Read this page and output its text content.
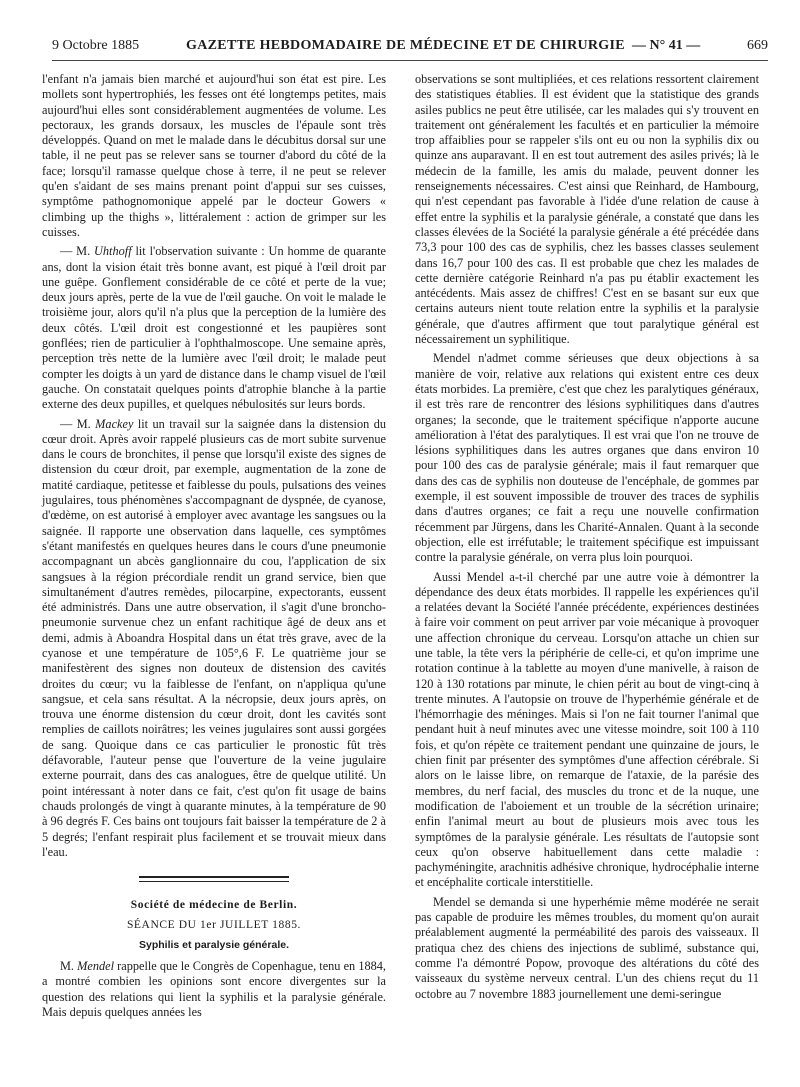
9 Octobre 1885	GAZETTE HEBDOMADAIRE DE MÉDECINE ET DE CHIRURGIE — N° 41 —	669

l'enfant n'a jamais bien marché et aujourd'hui son état est pire. Les mollets sont hypertrophiés, les fesses ont été longtemps petites, mais aujourd'hui elles sont considérablement augmentées de volume. Les pectoraux, les grands dorsaux, les muscles de l'épaule sont très développés. Quand on met le malade dans le décubitus dorsal sur une table, il ne peut pas se relever sans se tourner d'abord du côté de la face; lorsqu'il ramasse quelque chose à terre, il ne peut se relever qu'en s'aidant de ses mains prenant point d'appui sur ses cuisses, symptôme pathognomonique appelé par le docteur Gowers « climbing up the thighs », littéralement : action de grimper sur les cuisses.

— M. Uhthoff lit l'observation suivante : Un homme de quarante ans, dont la vision était très bonne avant, est piqué à l'œil droit par une guêpe. Gonflement considérable de ce côté et perte de la vue; deux jours après, perte de la vue de l'œil gauche. On voit le malade le troisième jour, alors qu'il n'a plus que la perception de la lumière des deux côtés. L'œil droit est congestionné et les paupières sont gonflées; rien de particulier à l'ophthalmoscope. Une semaine après, perception très nette de la lumière avec l'œil droit; le malade peut compter les doigts à un yard de distance dans le champ visuel de l'œil gauche. On constatait quelques points d'atrophie blanche à la partie externe des deux pupilles, et quelques nébulosités sur leurs bords.

— M. Mackey lit un travail sur la saignée dans la distension du cœur droit. Après avoir rappelé plusieurs cas de mort subite survenue dans le cours de bronchites, il pense que lorsqu'il existe des signes de distension du cœur droit, par exemple, augmentation de la zone de matité cardiaque, petitesse et faiblesse du pouls, pulsations des veines jugulaires, tous phénomènes s'accompagnant de dyspnée, de cyanose, d'œdème, on est autorisé à employer avec avantage les sangsues ou la saignée. Il rapporte une observation dans laquelle, ces symptômes s'étant manifestés en quelques heures dans le cours d'une pneumonie accompagnant un abcès ganglionnaire du cou, l'application de six sangsues à la région précordiale rendit un grand service, bien que simultanément d'autres remèdes, pilocarpine, expectorants, eussent été administrés. Dans une autre observation, il s'agit d'une broncho-pneumonie survenue chez un enfant rachitique âgé de deux ans et demi, admis à Aboandra Hospital dans un état très grave, avec de la cyanose et une température de 105°,6 F. Le quatrième jour se manifestèrent des signes non douteux de distension des cavités droites du cœur; vu la faiblesse de l'enfant, on n'appliqua qu'une sangsue, et cela sans résultat. A la nécropsie, deux jours après, on trouva une énorme distension du cœur droit, dont les cavités sont remplies de caillots noirâtres; les veines jugulaires sont aussi gorgées de sang. Quoique dans ce cas particulier le pronostic fût très défavorable, l'auteur pense que l'ouverture de la veine jugulaire externe pourrait, dans des cas analogues, être de quelque utilité. Un point intéressant à noter dans ce fait, c'est qu'on fit usage de bains chauds prolongés de vingt à quarante minutes, à la température de 90 à 96 degrés F. Ces bains ont toujours fait baisser la température de 2 à 5 degrés; l'enfant respirait plus facilement et se trouvait mieux dans l'eau.

Société de médecine de Berlin.
SÉANCE DU 1er JUILLET 1885.
Syphilis et paralysie générale.

M. Mendel rappelle que le Congrès de Copenhague, tenu en 1884, a montré combien les opinions sont encore divergentes sur la question des relations qui lient la syphilis et la paralysie générale. Mais depuis quelques années les

observations se sont multipliées, et ces relations ressortent clairement des statistiques établies. Il est évident que la statistique des grands asiles publics ne peut être utilisée, car les malades qui s'y trouvent en traitement ont généralement les facultés et en particulier la mémoire trop affaiblies pour se rappeler s'ils ont eu ou non la syphilis dix ou quinze ans auparavant. Il en est tout autrement des asiles privés; là le médecin de la famille, les amis du malade, peuvent donner les renseignements nécessaires. C'est ainsi que Reinhard, de Hambourg, qui n'est cependant pas favorable à l'idée d'une relation de cause à effet entre la syphilis et la paralysie générale, a constaté que dans les classes élevées de la Société la paralysie générale a été précédée dans 73,3 pour 100 des cas de syphilis, chez les basses classes seulement dans 16,7 pour 100 des cas. Il est probable que chez les malades de cette dernière catégorie Reinhard n'a pas pu établir exactement les antécédents. Mais assez de chiffres! C'est en se basant sur eux que certains auteurs nient toute relation entre la syphilis et la paralysie générale, que d'autres affirment que tout paralytique général est nécessairement un syphilitique.

Mendel n'admet comme sérieuses que deux objections à sa manière de voir, relative aux relations qui existent entre ces deux états morbides. La première, c'est que chez les paralytiques généraux, il est très rare de rencontrer des lésions syphilitiques dans d'autres organes; la seconde, que le traitement spécifique n'apporte aucune amélioration à l'état des paralytiques. Il est vrai que l'on ne trouve de lésions syphilitiques dans les autres organes que dans environ 10 pour 100 des cas de paralysie générale; mais il faut remarquer que dans des cas de syphilis non douteuse de l'encéphale, de gommes par exemple, il est souvent impossible de trouver des traces de syphilis dans d'autres organes; ce fait a reçu une nouvelle confirmation récemment par Jürgens, dans les Charité-Annalen. Quant à la seconde objection, elle est irréfutable; le traitement spécifique est impuissant contre la paralysie générale, on verra plus loin pourquoi.

Aussi Mendel a-t-il cherché par une autre voie à démontrer la dépendance des deux états morbides. Il rappelle les expériences qu'il a relatées devant la Société l'année précédente, expériences destinées à faire voir comment on peut arriver par voie mécanique à provoquer une affection chronique du cerveau. Lorsqu'on attache un chien sur une table, la tête vers la périphérie de celle-ci, et qu'on imprime une rotation continue à la tablette au moyen d'une manivelle, à raison de 120 à 130 rotations par minute, le chien périt au bout de vingt-cinq à trente minutes. A l'autopsie on trouve de l'hyperhémie générale et de l'hémorrhagie des méninges. Mais si l'on ne fait tourner l'animal que pendant huit à neuf minutes avec une vitesse moindre, soit 100 à 110 fois, et qu'on répète ce traitement pendant une quinzaine de jours, le chien finit par présenter des symptômes d'une affection cérébrale. Si alors on le laisse libre, on remarque de l'ataxie, de la parésie des membres, du nerf facial, des muscles du tronc et de la nuque, une modification de l'aboiement et un trouble de la sécrétion urinaire; enfin l'animal meurt au bout de plusieurs mois avec tous les symptômes de la paralysie générale. Les résultats de l'autopsie sont ceux qu'on observe habituellement dans cette maladie : pachyméningite, arachnitis adhésive chronique, hydrocéphalie interne et encéphalite corticale interstitielle.

Mendel se demanda si une hyperhémie même modérée ne serait pas capable de produire les mêmes troubles, du moment qu'on aurait préalablement augmenté la perméabilité des parois des vaisseaux. Il pratiqua chez des chiens des injections de sublimé, substance qui, comme l'a démontré Popow, provoque des altérations du côté des vaisseaux du système nerveux central. L'un des chiens reçut du 11 octobre au 7 novembre 1883 journellement une demi-seringue
